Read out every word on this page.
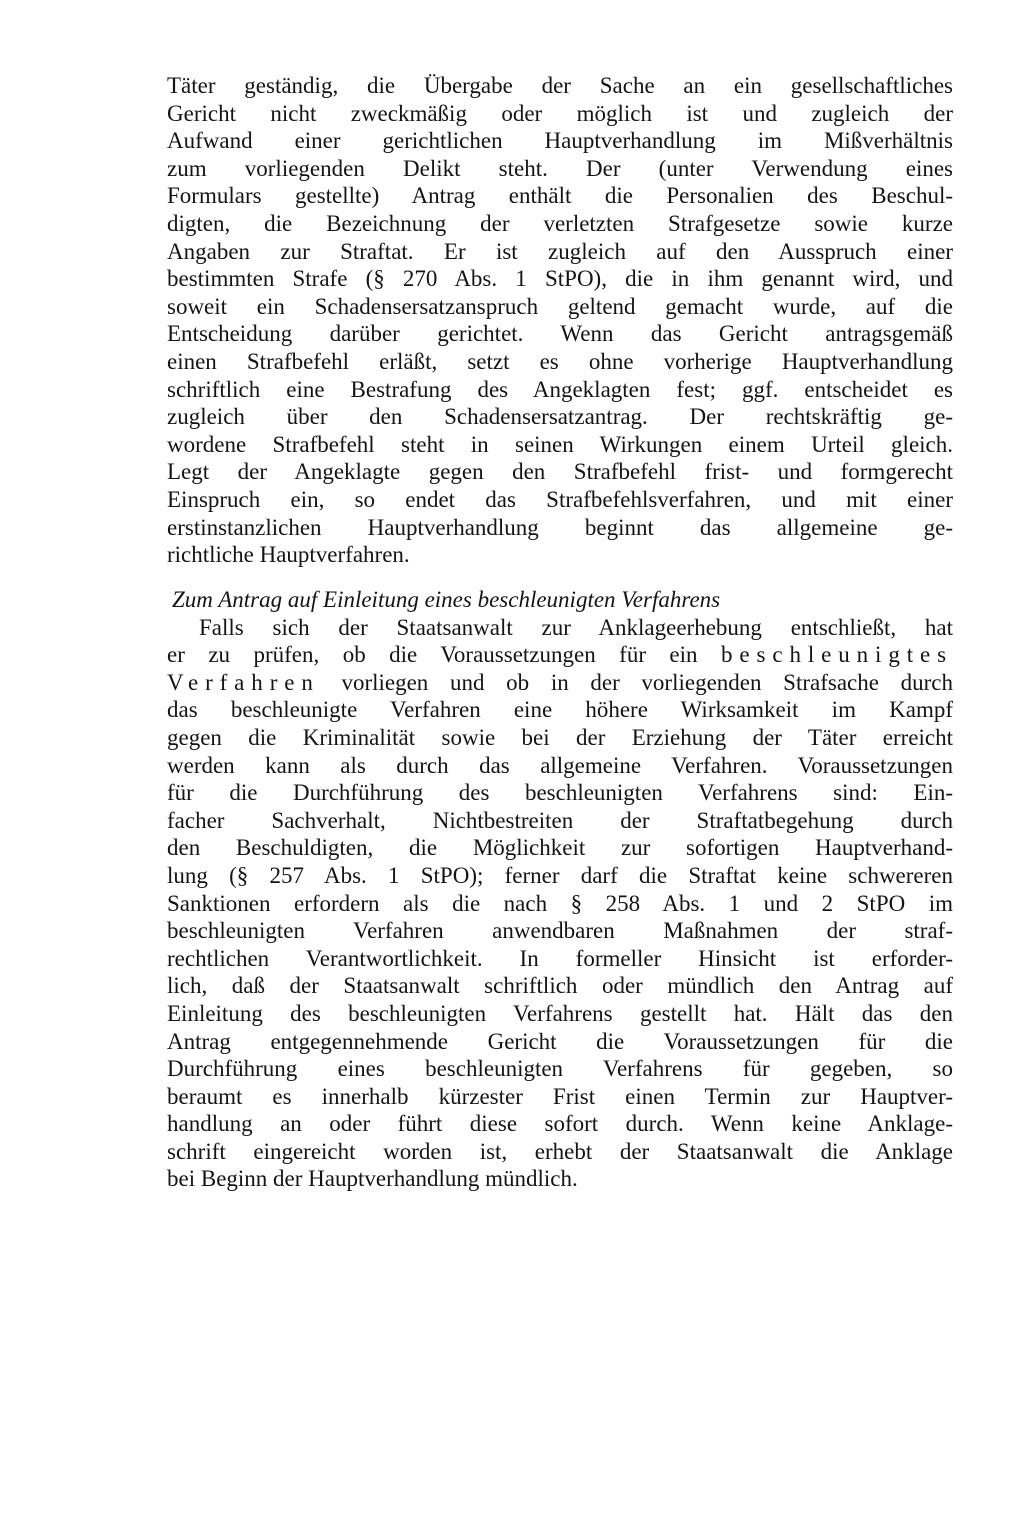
Täter geständig, die Übergabe der Sache an ein gesellschaftliches
Gericht nicht zweckmäßig oder möglich ist und zugleich der
Aufwand einer gerichtlichen Hauptverhandlung im Mißverhältnis
zum vorliegenden Delikt steht. Der (unter Verwendung eines
Formulars gestellte) Antrag enthält die Personalien des Beschul-
digten, die Bezeichnung der verletzten Strafgesetze sowie kurze
Angaben zur Straftat. Er ist zugleich auf den Ausspruch einer
bestimmten Strafe (§ 270 Abs. 1 StPO), die in ihm genannt wird, und
soweit ein Schadensersatzanspruch geltend gemacht wurde, auf die
Entscheidung darüber gerichtet. Wenn das Gericht antragsgemäß
einen Strafbefehl erläßt, setzt es ohne vorherige Hauptverhandlung
schriftlich eine Bestrafung des Angeklagten fest; ggf. entscheidet es
zugleich über den Schadensersatzantrag. Der rechtskräftig ge-
wordene Strafbefehl steht in seinen Wirkungen einem Urteil gleich.
Legt der Angeklagte gegen den Strafbefehl frist- und formgerecht
Einspruch ein, so endet das Strafbefehlsverfahren, und mit einer
erstinstanzlichen Hauptverhandlung beginnt das allgemeine ge-
richtliche Hauptverfahren.
Zum Antrag auf Einleitung eines beschleunigten Verfahrens
Falls sich der Staatsanwalt zur Anklageerhebung entschließt, hat
er zu prüfen, ob die Voraussetzungen für ein beschleunigtes
Verfahren vorliegen und ob in der vorliegenden Strafsache durch
das beschleunigte Verfahren eine höhere Wirksamkeit im Kampf
gegen die Kriminalität sowie bei der Erziehung der Täter erreicht
werden kann als durch das allgemeine Verfahren. Voraussetzungen
für die Durchführung des beschleunigten Verfahrens sind: Ein-
facher Sachverhalt, Nichtbestreiten der Straftatbegehung durch
den Beschuldigten, die Möglichkeit zur sofortigen Hauptverhand-
lung (§ 257 Abs. 1 StPO); ferner darf die Straftat keine schwereren
Sanktionen erfordern als die nach § 258 Abs. 1 und 2 StPO im
beschleunigten Verfahren anwendbaren Maßnahmen der straf-
rechtlichen Verantwortlichkeit. In formeller Hinsicht ist erforder-
lich, daß der Staatsanwalt schriftlich oder mündlich den Antrag auf
Einleitung des beschleunigten Verfahrens gestellt hat. Hält das den
Antrag entgegennehmende Gericht die Voraussetzungen für die
Durchführung eines beschleunigten Verfahrens für gegeben, so
beraumt es innerhalb kürzester Frist einen Termin zur Hauptver-
handlung an oder führt diese sofort durch. Wenn keine Anklage-
schrift eingereicht worden ist, erhebt der Staatsanwalt die Anklage
bei Beginn der Hauptverhandlung mündlich.
